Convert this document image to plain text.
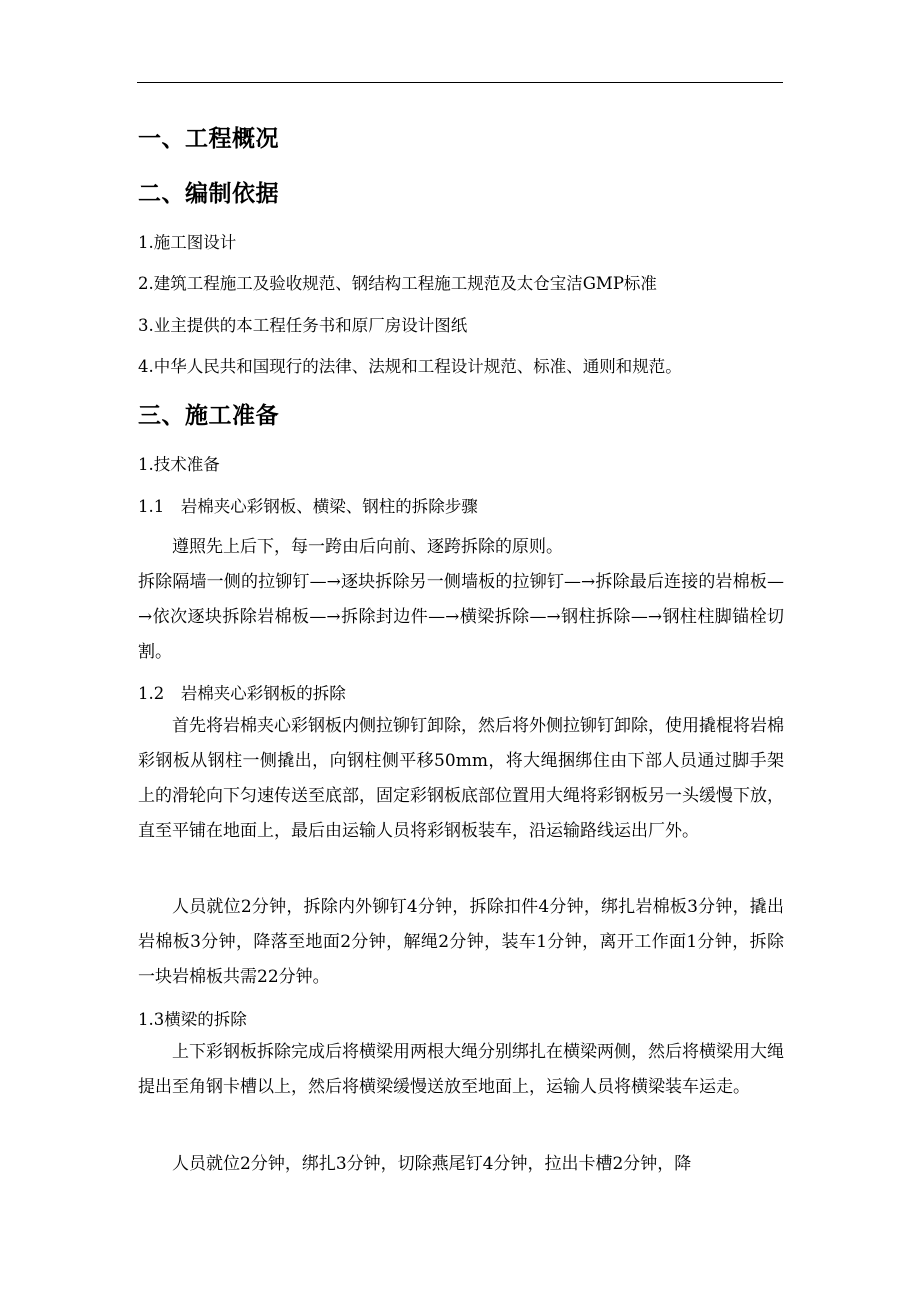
一、工程概况
二、编制依据
1.施工图设计
2.建筑工程施工及验收规范、钢结构工程施工规范及太仓宝洁GMP标准
3.业主提供的本工程任务书和原厂房设计图纸
4.中华人民共和国现行的法律、法规和工程设计规范、标准、通则和规范。
三、施工准备
1.技术准备
1.1　岩棉夹心彩钢板、横梁、钢柱的拆除步骤
遵照先上后下，每一跨由后向前、逐跨拆除的原则。
拆除隔墙一侧的拉铆钉—→逐块拆除另一侧墙板的拉铆钉—→拆除最后连接的岩棉板—→依次逐块拆除岩棉板—→拆除封边件—→横梁拆除—→钢柱拆除—→钢柱柱脚锚栓切割。
1.2　岩棉夹心彩钢板的拆除
首先将岩棉夹心彩钢板内侧拉铆钉卸除，然后将外侧拉铆钉卸除，使用撬棍将岩棉彩钢板从钢柱一侧撬出，向钢柱侧平移50mm，将大绳捆绑住由下部人员通过脚手架上的滑轮向下匀速传送至底部，固定彩钢板底部位置用大绳将彩钢板另一头缓慢下放，直至平铺在地面上，最后由运输人员将彩钢板装车，沿运输路线运出厂外。
人员就位2分钟，拆除内外铆钉4分钟，拆除扣件4分钟，绑扎岩棉板3分钟，撬出岩棉板3分钟，降落至地面2分钟，解绳2分钟，装车1分钟，离开工作面1分钟，拆除一块岩棉板共需22分钟。
1.3横梁的拆除
上下彩钢板拆除完成后将横梁用两根大绳分别绑扎在横梁两侧，然后将横梁用大绳提出至角钢卡槽以上，然后将横梁缓慢送放至地面上，运输人员将横梁装车运走。
人员就位2分钟，绑扎3分钟，切除燕尾钉4分钟，拉出卡槽2分钟，降
